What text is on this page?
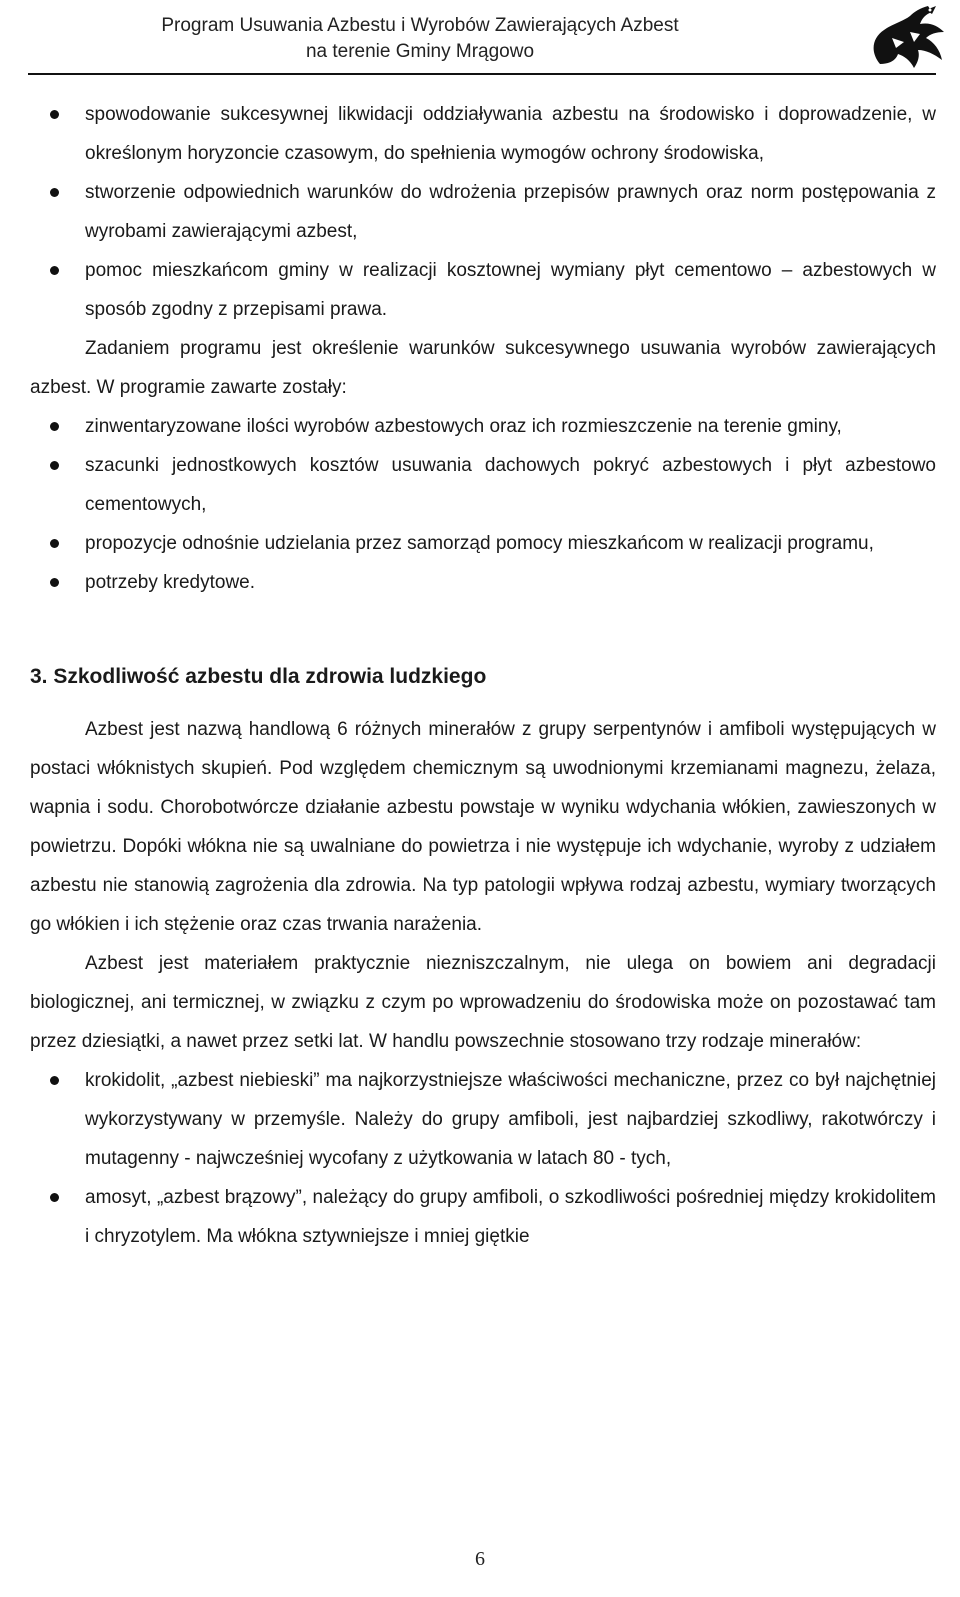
Program Usuwania Azbestu i Wyrobów Zawierających Azbest
na terenie Gminy Mrągowo
spowodowanie sukcesywnej likwidacji oddziaływania azbestu na środowisko i doprowadzenie, w określonym horyzoncie czasowym, do spełnienia wymogów ochrony środowiska,
stworzenie odpowiednich warunków do wdrożenia przepisów prawnych oraz norm postępowania z wyrobami zawierającymi azbest,
pomoc mieszkańcom gminy w realizacji kosztownej wymiany płyt cementowo – azbestowych w sposób zgodny z przepisami prawa.

Zadaniem programu jest określenie warunków sukcesywnego usuwania wyrobów zawierających azbest. W programie zawarte zostały:

zinwentaryzowane ilości wyrobów azbestowych oraz ich rozmieszczenie na terenie gminy,
szacunki jednostkowych kosztów usuwania dachowych pokryć azbestowych i płyt azbestowo cementowych,
propozycje odnośnie udzielania przez samorząd pomocy mieszkańcom w realizacji programu,
potrzeby kredytowe.
3. Szkodliwość azbestu dla zdrowia ludzkiego

Azbest jest nazwą handlową 6 różnych minerałów z grupy serpentynów i amfiboli występujących w postaci włóknistych skupień. Pod względem chemicznym są uwodnionymi krzemianami magnezu, żelaza, wapnia i sodu. Chorobotwórcze działanie azbestu powstaje w wyniku wdychania włókien, zawieszonych w powietrzu. Dopóki włókna nie są uwalniane do powietrza i nie występuje ich wdychanie, wyroby z udziałem azbestu nie stanowią zagrożenia dla zdrowia. Na typ patologii wpływa rodzaj azbestu, wymiary tworzących go włókien i ich stężenie oraz czas trwania narażenia.

Azbest jest materiałem praktycznie niezniszczalnym, nie ulega on bowiem ani degradacji biologicznej, ani termicznej, w związku z czym po wprowadzeniu do środowiska może on pozostawać tam przez dziesiątki, a nawet przez setki lat. W handlu powszechnie stosowano trzy rodzaje minerałów:

krokidolit, „azbest niebieski” ma najkorzystniejsze właściwości mechaniczne, przez co był najchętniej wykorzystywany w przemyśle. Należy do grupy amfiboli, jest najbardziej szkodliwy, rakotwórczy i mutagenny - najwcześniej wycofany z użytkowania w latach 80 - tych,
amosyt, „azbest brązowy”, należący do grupy amfiboli, o szkodliwości pośredniej między krokidolitem i chryzotylem. Ma włókna sztywniejsze i mniej giętkie
6
